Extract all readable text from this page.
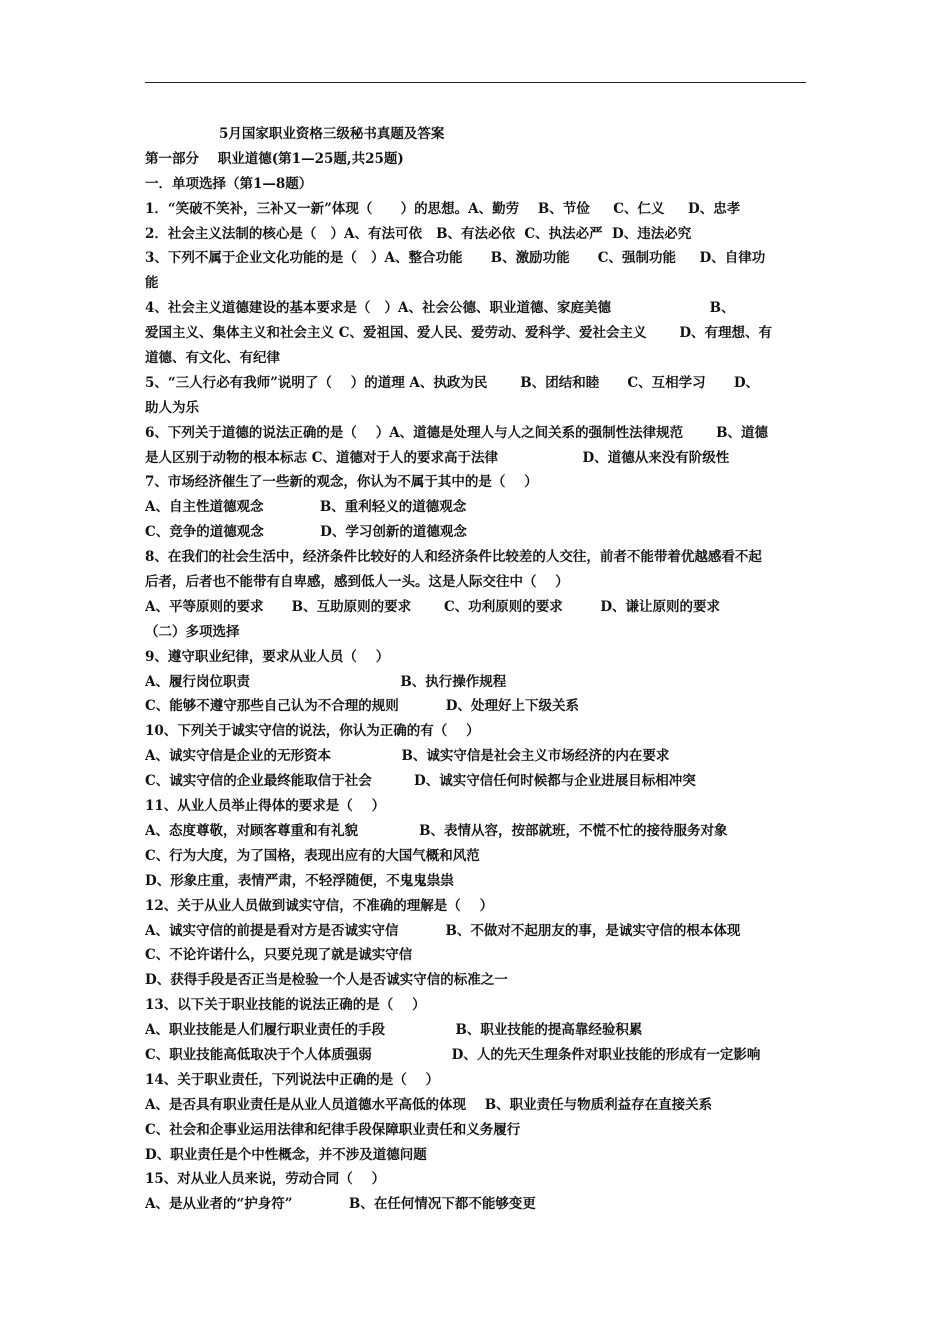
5月国家职业资格三级秘书真题及答案
第一部分    职业道德(第1—25题,共25题)
一．单项选择（第1—8题）
1．“笑破不笑补，三补又一新”体现（      ）的思想。A、勤劳    B、节俭     C、仁义     D、忠孝
2．社会主义法制的核心是（   ）A、有法可依   B、有法必依  C、执法必严  D、违法必究
3、下列不属于企业文化功能的是（   ）A、整合功能      B、激励功能      C、强制功能     D、自律功
能
4、社会主义道德建设的基本要求是（   ）A、社会公德、职业道德、家庭美德                     B、
爱国主义、集体主义和社会主义 C、爱祖国、爱人民、爱劳动、爱科学、爱社会主义       D、有理想、有
道德、有文化、有纪律
5、“三人行必有我师”说明了（    ）的道理 A、执政为民       B、团结和睦      C、互相学习      D、
助人为乐
6、下列关于道德的说法正确的是（    ）A、道德是处理人与人之间关系的强制性法律规范       B、道德
是人区别于动物的根本标志 C、道德对于人的要求高于法律                  D、道德从来没有阶级性
7、市场经济催生了一些新的观念，你认为不属于其中的是（    ）
A、自主性道德观念            B、重利轻义的道德观念
C、竞争的道德观念            D、学习创新的道德观念
8、在我们的社会生活中，经济条件比较好的人和经济条件比较差的人交往，前者不能带着优越感看不起
后者，后者也不能带有自卑感，感到低人一头。这是人际交往中（    ）
A、平等原则的要求      B、互助原则的要求       C、功利原则的要求        D、谦让原则的要求
（二）多项选择
9、遵守职业纪律，要求从业人员（    ）
A、履行岗位职责                                B、执行操作规程
C、能够不遵守那些自己认为不合理的规则          D、处理好上下级关系
10、下列关于诚实守信的说法，你认为正确的有（    ）
A、诚实守信是企业的无形资本               B、诚实守信是社会主义市场经济的内在要求
C、诚实守信的企业最终能取信于社会         D、诚实守信任何时候都与企业进展目标相冲突
11、从业人员举止得体的要求是（    ）
A、态度尊敬，对顾客尊重和有礼貌             B、表情从容，按部就班，不慌不忙的接待服务对象
C、行为大度，为了国格，表现出应有的大国气概和风范
D、形象庄重，表情严肃，不轻浮随便，不鬼鬼祟祟
12、关于从业人员做到诚实守信，不准确的理解是（    ）
A、诚实守信的前提是看对方是否诚实守信          B、不做对不起朋友的事，是诚实守信的根本体现
C、不论许诺什么，只要兑现了就是诚实守信
D、获得手段是否正当是检验一个人是否诚实守信的标准之一
13、以下关于职业技能的说法正确的是（    ）
A、职业技能是人们履行职业责任的手段               B、职业技能的提高靠经验积累
C、职业技能高低取决于个人体质强弱                 D、人的先天生理条件对职业技能的形成有一定影响
14、关于职业责任，下列说法中正确的是（    ）
A、是否具有职业责任是从业人员道德水平高低的体现    B、职业责任与物质利益存在直接关系
C、社会和企事业运用法律和纪律手段保障职业责任和义务履行
D、职业责任是个中性概念，并不涉及道德问题
15、对从业人员来说，劳动合同（    ）
A、是从业者的“护身符”            B、在任何情况下都不能够变更
